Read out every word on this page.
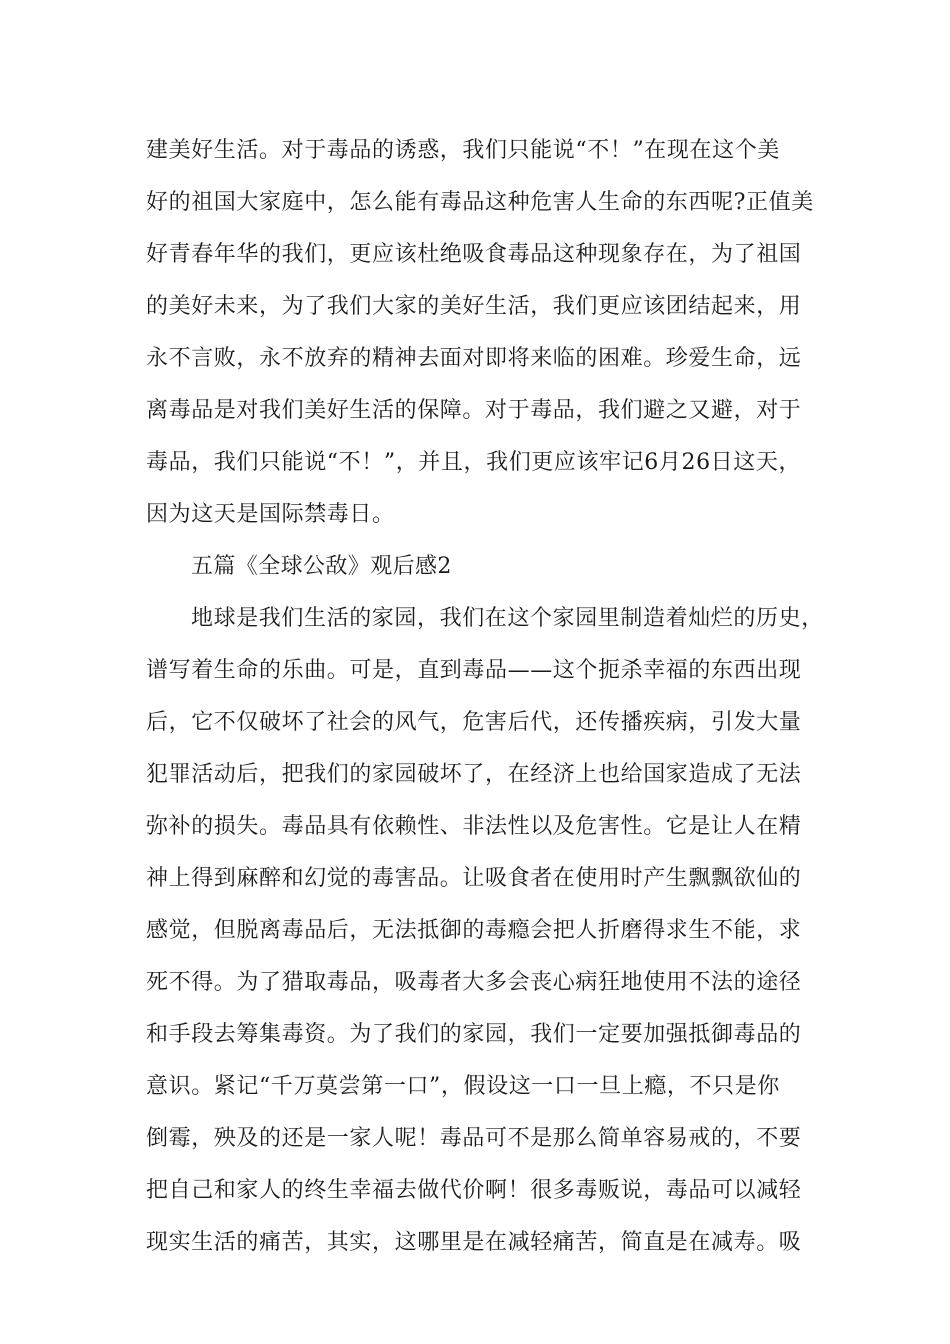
建美好生活。对于毒品的诱惑，我们只能说“不！”在现在这个美
好的祖国大家庭中，怎么能有毒品这种危害人生命的东西呢?正值美
好青春年华的我们，更应该杜绝吸食毒品这种现象存在，为了祖国
的美好未来，为了我们大家的美好生活，我们更应该团结起来，用
永不言败，永不放弃的精神去面对即将来临的困难。珍爱生命，远
离毒品是对我们美好生活的保障。对于毒品，我们避之又避，对于
毒品，我们只能说“不！”，并且，我们更应该牢记6月26日这天，
因为这天是国际禁毒日。
五篇《全球公敌》观后感2
地球是我们生活的家园，我们在这个家园里制造着灿烂的历史，
谱写着生命的乐曲。可是，直到毒品——这个扼杀幸福的东西出现
后，它不仅破坏了社会的风气，危害后代，还传播疾病，引发大量
犯罪活动后，把我们的家园破坏了，在经济上也给国家造成了无法
弥补的损失。毒品具有依赖性、非法性以及危害性。它是让人在精
神上得到麻醉和幻觉的毒害品。让吸食者在使用时产生飘飘欲仙的
感觉，但脱离毒品后，无法抵御的毒瘾会把人折磨得求生不能，求
死不得。为了猎取毒品，吸毒者大多会丧心病狂地使用不法的途径
和手段去筹集毒资。为了我们的家园，我们一定要加强抵御毒品的
意识。紧记“千万莫尝第一口”，假设这一口一旦上瘾，不只是你
倒霉，殃及的还是一家人呢！毒品可不是那么简单容易戒的，不要
把自己和家人的终生幸福去做代价啊！很多毒贩说，毒品可以减轻
现实生活的痛苦，其实，这哪里是在减轻痛苦，简直是在减寿。吸
